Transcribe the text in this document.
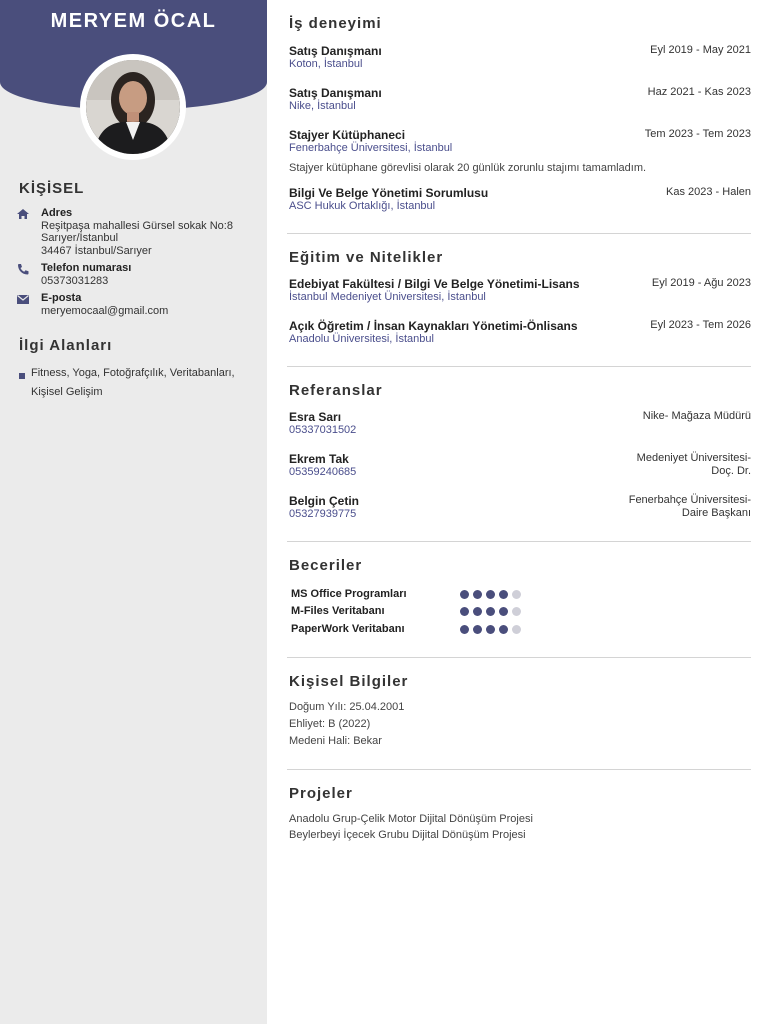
MERYEM ÖCAL
KİŞİSEL
Adres
Reşitpaşa mahallesi Gürsel sokak No:8
Sarıyer/İstanbul
34467 İstanbul/Sarıyer
Telefon numarası
05373031283
E-posta
meryemocaal@gmail.com
İlgi Alanları
Fitness, Yoga, Fotoğrafçılık, Veritabanları,
Kişisel Gelişim
İş deneyimi
Satış Danışmanı	Eyl 2019 - May 2021
Koton, İstanbul
Satış Danışmanı	Haz 2021 - Kas 2023
Nike, İstanbul
Stajyer Kütüphaneci	Tem 2023 - Tem 2023
Fenerbahçe Üniversitesi, İstanbul
Stajyer kütüphane görevlisi olarak 20 günlük zorunlu stajımı tamamladım.
Bilgi Ve Belge Yönetimi Sorumlusu	Kas 2023 - Halen
ASC Hukuk Ortaklığı, İstanbul
Eğitim ve Nitelikler
Edebiyat Fakültesi / Bilgi Ve Belge Yönetimi-Lisans	Eyl 2019 - Ağu 2023
İstanbul Medeniyet Üniversitesi, İstanbul
Açık Öğretim / İnsan Kaynakları Yönetimi-Önlisans	Eyl 2023 - Tem 2026
Anadolu Üniversitesi, İstanbul
Referanslar
Esra Sarı	Nike- Mağaza Müdürü
05337031502
Ekrem Tak	Medeniyet Üniversitesi-
Doç. Dr.
05359240685
Belgin Çetin	Fenerbahçe Üniversitesi-
Daire Başkanı
05327939775
Beceriler
MS Office Programları
M-Files Veritabanı
PaperWork Veritabanı
Kişisel Bilgiler
Doğum Yılı: 25.04.2001
Ehliyet: B (2022)
Medeni Hali: Bekar
Projeler
Anadolu Grup-Çelik Motor Dijital Dönüşüm Projesi
Beylerbeyi İçecek Grubu Dijital Dönüşüm Projesi
